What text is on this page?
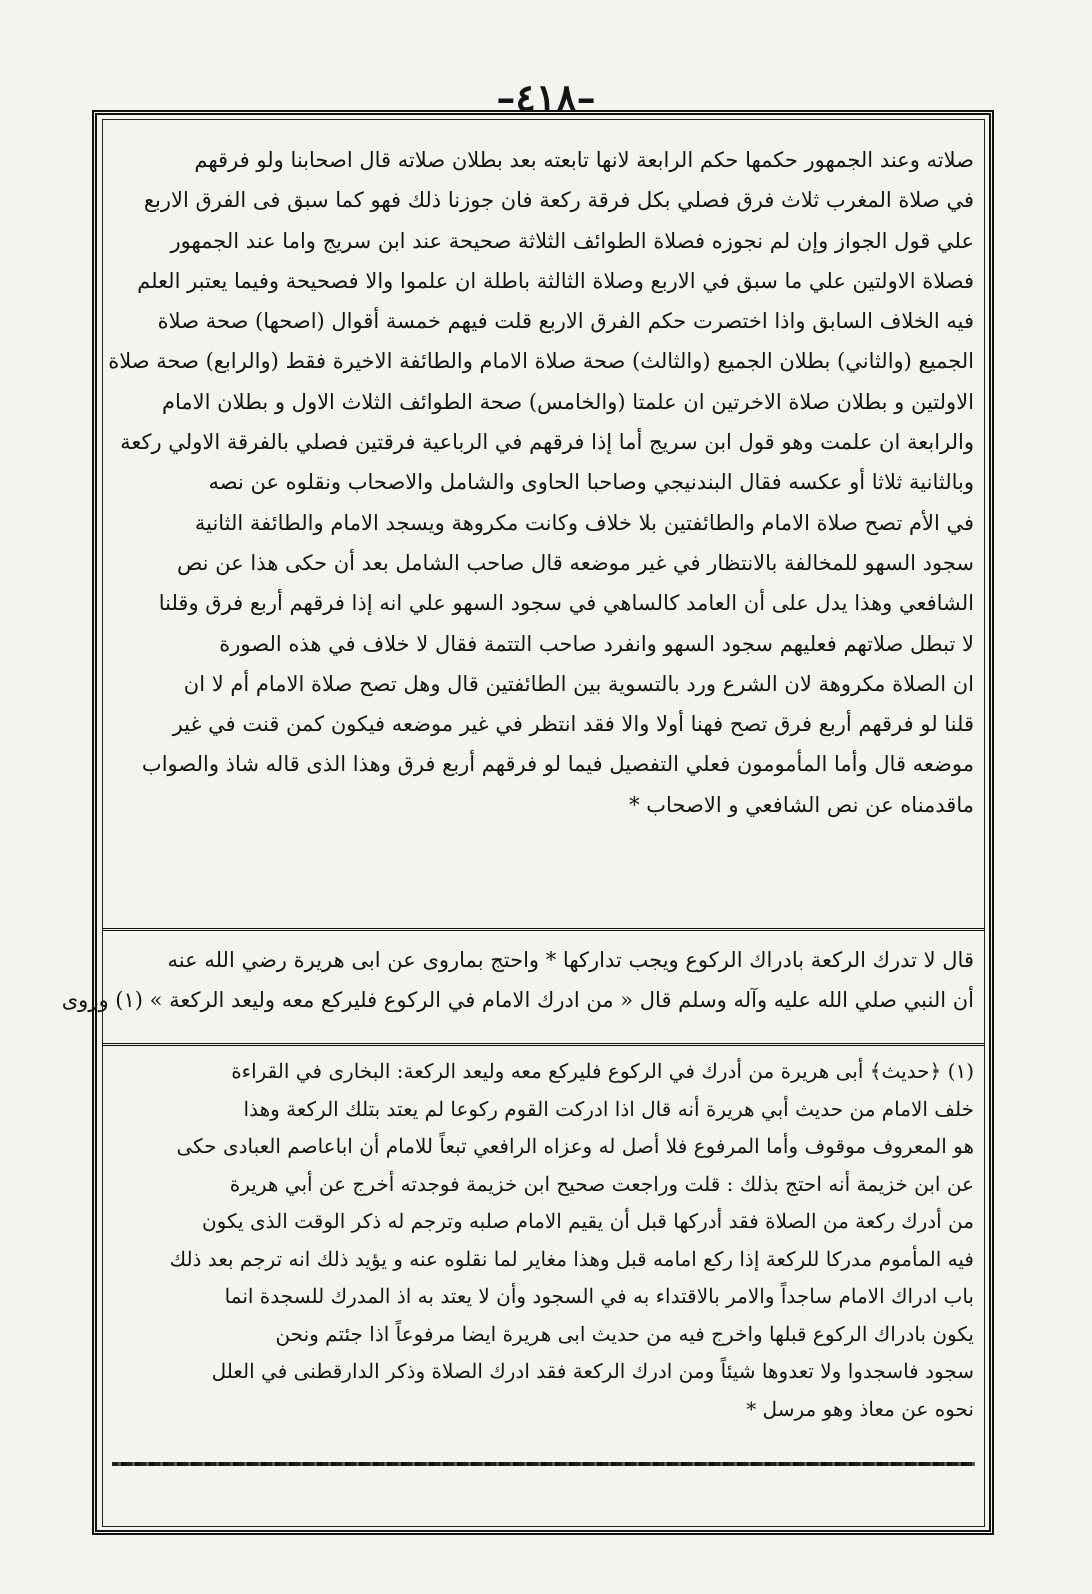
–٤١٨–
صلاته وعند الجمهور حكمها حكم الرابعة لانها تابعته بعد بطلان صلاته قال اصحابنا ولو فرقهم
في صلاة المغرب ثلاث فرق فصلي بكل فرقة ركعة فان جوزنا ذلك فهو كما سبق فى الفرق الاربع
علي قول الجواز وإن لم نجوزه فصلاة الطوائف الثلاثة صحيحة عند ابن سريج واما عند الجمهور
فصلاة الاولتين علي ما سبق في الاربع وصلاة الثالثة باطلة ان علموا والا فصحيحة وفيما يعتبر العلم
فيه الخلاف السابق واذا اختصرت حكم الفرق الاربع قلت فيهم خمسة أقوال (اصحها) صحة صلاة
الجميع (والثاني) بطلان الجميع (والثالث) صحة صلاة الامام والطائفة الاخيرة فقط (والرابع) صحة صلاة
الاولتين و بطلان صلاة الاخرتين ان علمتا (والخامس) صحة الطوائف الثلاث الاول و بطلان الامام
والرابعة ان علمت وهو قول ابن سريج أما إذا فرقهم في الرباعية فرقتين فصلي بالفرقة الاولي ركعة
وبالثانية ثلاثا أو عكسه فقال البندنيجي وصاحبا الحاوى والشامل والاصحاب ونقلوه عن نصه
في الأم تصح صلاة الامام والطائفتين بلا خلاف وكانت مكروهة ويسجد الامام والطائفة الثانية
سجود السهو للمخالفة بالانتظار في غير موضعه قال صاحب الشامل بعد أن حكى هذا عن نص
الشافعي وهذا يدل على أن العامد كالساهي في سجود السهو علي انه إذا فرقهم أربع فرق وقلنا
لا تبطل صلاتهم فعليهم سجود السهو وانفرد صاحب التتمة فقال لا خلاف في هذه الصورة
ان الصلاة مكروهة لان الشرع ورد بالتسوية بين الطائفتين قال وهل تصح صلاة الامام أم لا ان
قلنا لو فرقهم أربع فرق تصح فهنا أولا والا فقد انتظر في غير موضعه فيكون كمن قنت في غير
موضعه قال وأما المأمومون فعلي التفصيل فيما لو فرقهم أربع فرق وهذا الذى قاله شاذ والصواب
ماقدمناه عن نص الشافعي و الاصحاب *
قال لا تدرك الركعة بادراك الركوع ويجب تداركها * واحتج بماروى عن ابى هريرة رضي الله عنه
أن النبي صلي الله عليه وآله وسلم قال « من ادرك الامام في الركوع فليركع معه وليعد الركعة » (١) وروى
(١) ﴿حديث﴾ أبى هريرة من أدرك في الركوع فليركع معه وليعد الركعة: البخارى في القراءة
خلف الامام من حديث أبي هريرة أنه قال اذا ادركت القوم ركوعا لم يعتد بتلك الركعة وهذا
هو المعروف موقوف وأما المرفوع فلا أصل له وعزاه الرافعي تبعاً للامام أن اباعاصم العبادى حكى
عن ابن خزيمة أنه احتج بذلك : قلت وراجعت صحيح ابن خزيمة فوجدته أخرج عن أبي هريرة
من أدرك ركعة من الصلاة فقد أدركها قبل أن يقيم الامام صلبه وترجم له ذكر الوقت الذى يكون
فيه المأموم مدركا للركعة إذا ركع امامه قبل وهذا مغاير لما نقلوه عنه و يؤيد ذلك انه ترجم بعد ذلك
باب ادراك الامام ساجداً والامر بالاقتداء به في السجود وأن لا يعتد به اذ المدرك للسجدة انما
يكون بادراك الركوع قبلها واخرج فيه من حديث ابى هريرة ايضا مرفوعاً اذا جئتم ونحن
سجود فاسجدوا ولا تعدوها شيئاً ومن ادرك الركعة فقد ادرك الصلاة وذكر الدارقطنى في العلل
نحوه عن معاذ وهو مرسل *
